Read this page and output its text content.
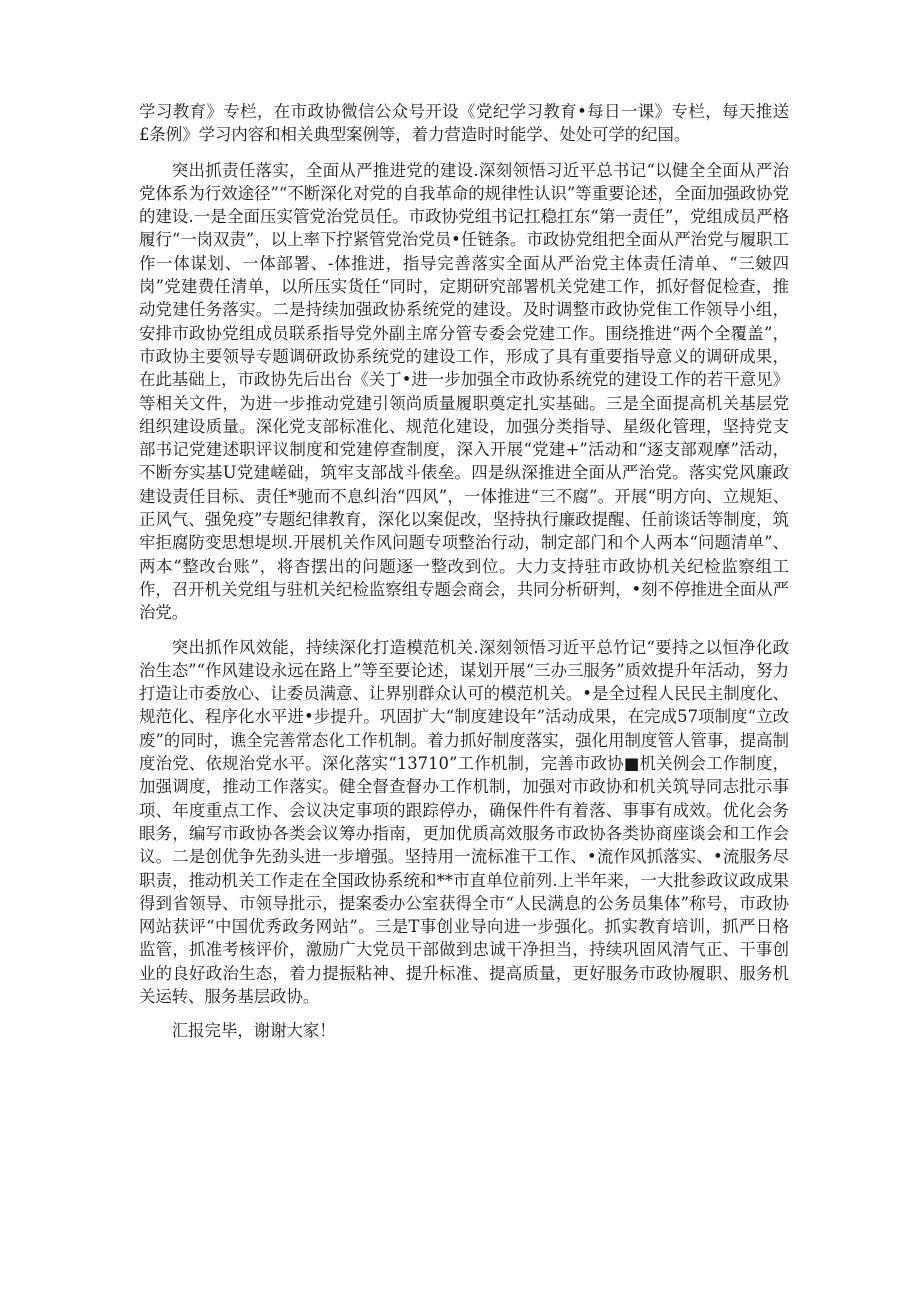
学习教育》专栏，在市政协微信公众号开设《党纪学习教育•每日一课》专栏，每天推送£条例》学习内容和相关典型案例等，着力营造时时能学、处处可学的纪国。

突出抓责任落实，全面从严推进党的建设.深刻领悟习近平总书记“以健全全面从严治党体系为行效途径”“不断深化对党的自我革命的规律性认识”等重要论述，全面加强政协党的建设.一是全面压实管党治党员任。市政协党组书记扛稳扛东“第一责任”，党组成员严格履行“一岗双责”，以上率下拧紧管党治党员•任链条。市政协党组把全面从严治党与履职工作一体谋划、一体部署、-体推进，指导完善落实全面从严治党主体责任清单、“三皴四岗”党建费任清单，以所压实货任“同时，定期研究部署机关党建工作，抓好督促检查，推动党建任务落实。二是持续加强政协系统党的建设。及时调整市政协党隹工作领导小组，安排市政协党组成员联系指导党外副主席分管专委会党建工作。围绕推进“两个全覆盖”，市政协主要领导专题调研政协系统党的建设工作，形成了具有重要指导意义的调研成果，在此基础上，市政协先后出台《关丁•进一步加强全市政协系统党的建设工作的若干意见》等相关文件，为进一步推动党建引领尚质量履职奠定扎实基础。三是全面提高机关基层党组织建设质量。深化党支部标准化、规范化建设，加强分类指导、星级化管理，坚持党支部书记党建述职评议制度和党建停查制度，深入开展“党建+”活动和“逐支部观摩”活动，不断夯实基U党建嵯础，筑牢支部战斗俵垒。四是纵深推进全面从严治党。落实党风廉政建设责任目标、责任*驰而不息纠治“四风”，一体推进“三不腐”。开展“明方向、立规矩、正风气、强免疫”专题纪律教育，深化以案促改，坚持执行廉政提醒、任前谈话等制度，筑牢拒腐防变思想堤坝.开展机关作风问题专项整治行动，制定部门和个人两本“问题清单”、两本“整改台账”，将杳摆出的问题逐一整改到位。大力支持驻市政协机关纪检监察组工作，召开机关党组与驻机关纪检监察组专题会商会，共同分析研判，•刻不停推进全面从严治党。

突出抓作风效能，持续深化打造模范机关.深刻领悟习近平总竹记“要持之以恒净化政治生态”“作风建设永远在路上”等至要论述，谋划开展“三办三服务”质效提升年活动，努力打造让市委放心、让委员满意、让界别群众认可的模范机关。•是全过程人民民主制度化、规范化、程序化水平进•步提升。巩固扩大“制度建设年”活动成果，在完成57项制度“立改废”的同时，谯全完善常态化工作机制。着力抓好制度落实，强化用制度管人管事，提高制度治党、依规治党水平。深化落实“13710”工作机制，完善市政协■机关例会工作制度，加强调度，推动工作落实。健全督查督办工作机制，加强对市政协和机关筑导同志批示事项、年度重点工作、会议决定事项的跟踪停办，确保件件有着落、事事有成效。优化会务眼务，编写市政协各类会议筹办指南，更加优质高效服务市政协各类协商座谈会和工作会议。二是创优争先劲头进一步增强。坚持用一流标准干工作、•流作风抓落实、•流服务尽职责，推动机关工作走在全国政协系统和**市直单位前列.上半年来，一大批参政议政成果得到省领导、市领导批示，提案委办公室获得全市“人民满息的公务员集体”称号，市政协网站获评“中国优秀政务网站”。三是T事创业导向进一步强化。抓实教育培训，抓严日格监管，抓准考核评价，激励广大党员干部做到忠诚干净担当，持续巩固风清气正、干事创业的良好政治生态，着力提振粘神、提升标准、提高质量，更好服务市政协履职、服务机关运转、服务基层政协。

汇报完毕，谢谢大家！
